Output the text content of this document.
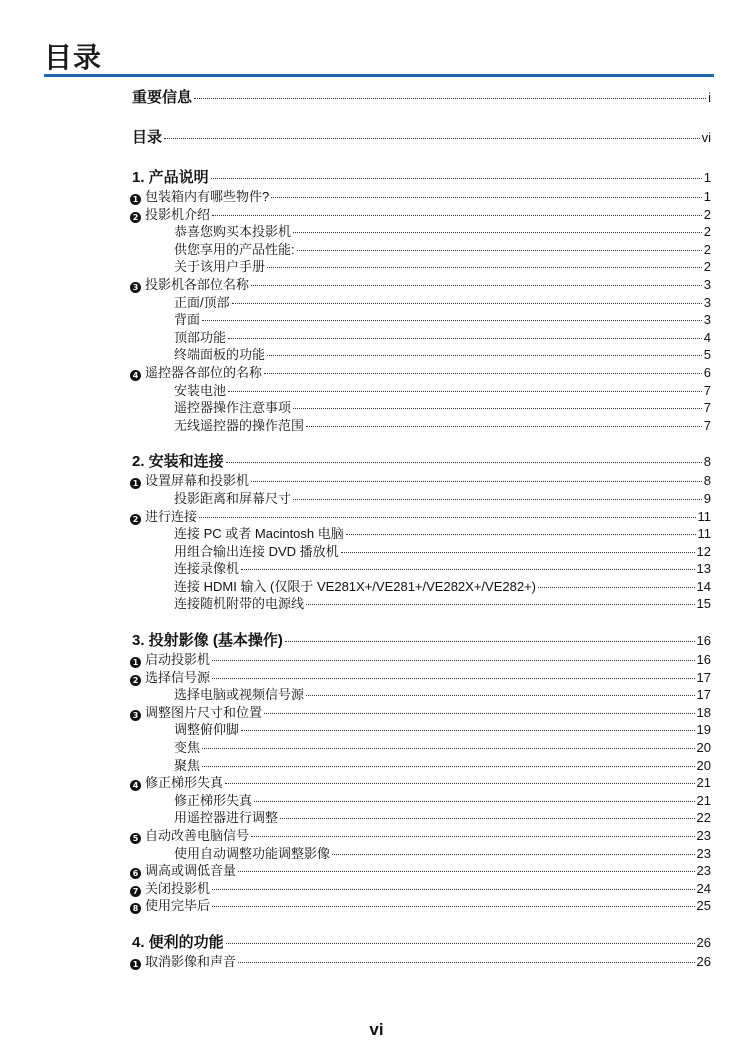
目录
重要信息	i
目录	vi
1. 产品说明	1
1 包装箱内有哪些物件?	1
2 投影机介绍	2
恭喜您购买本投影机	2
供您享用的产品性能:	2
关于该用户手册	2
3 投影机各部位名称	3
正面/顶部	3
背面	3
顶部功能	4
终端面板的功能	5
4 遥控器各部位的名称	6
安装电池	7
遥控器操作注意事项	7
无线遥控器的操作范围	7
2. 安装和连接	8
1 设置屏幕和投影机	8
投影距离和屏幕尺寸	9
2 进行连接	11
连接 PC 或者 Macintosh 电脑	11
用组合输出连接 DVD 播放机	12
连接录像机	13
连接 HDMI 输入 (仅限于 VE281X+/VE281+/VE282X+/VE282+)	14
连接随机附带的电源线	15
3. 投射影像 (基本操作)	16
1 启动投影机	16
2 选择信号源	17
选择电脑或视频信号源	17
3 调整图片尺寸和位置	18
调整俯仰脚	19
变焦	20
聚焦	20
4 修正梯形失真	21
修正梯形失真	21
用遥控器进行调整	22
5 自动改善电脑信号	23
使用自动调整功能调整影像	23
6 调高或调低音量	23
7 关闭投影机	24
8 使用完毕后	25
4. 便利的功能	26
1 取消影像和声音	26
vi
